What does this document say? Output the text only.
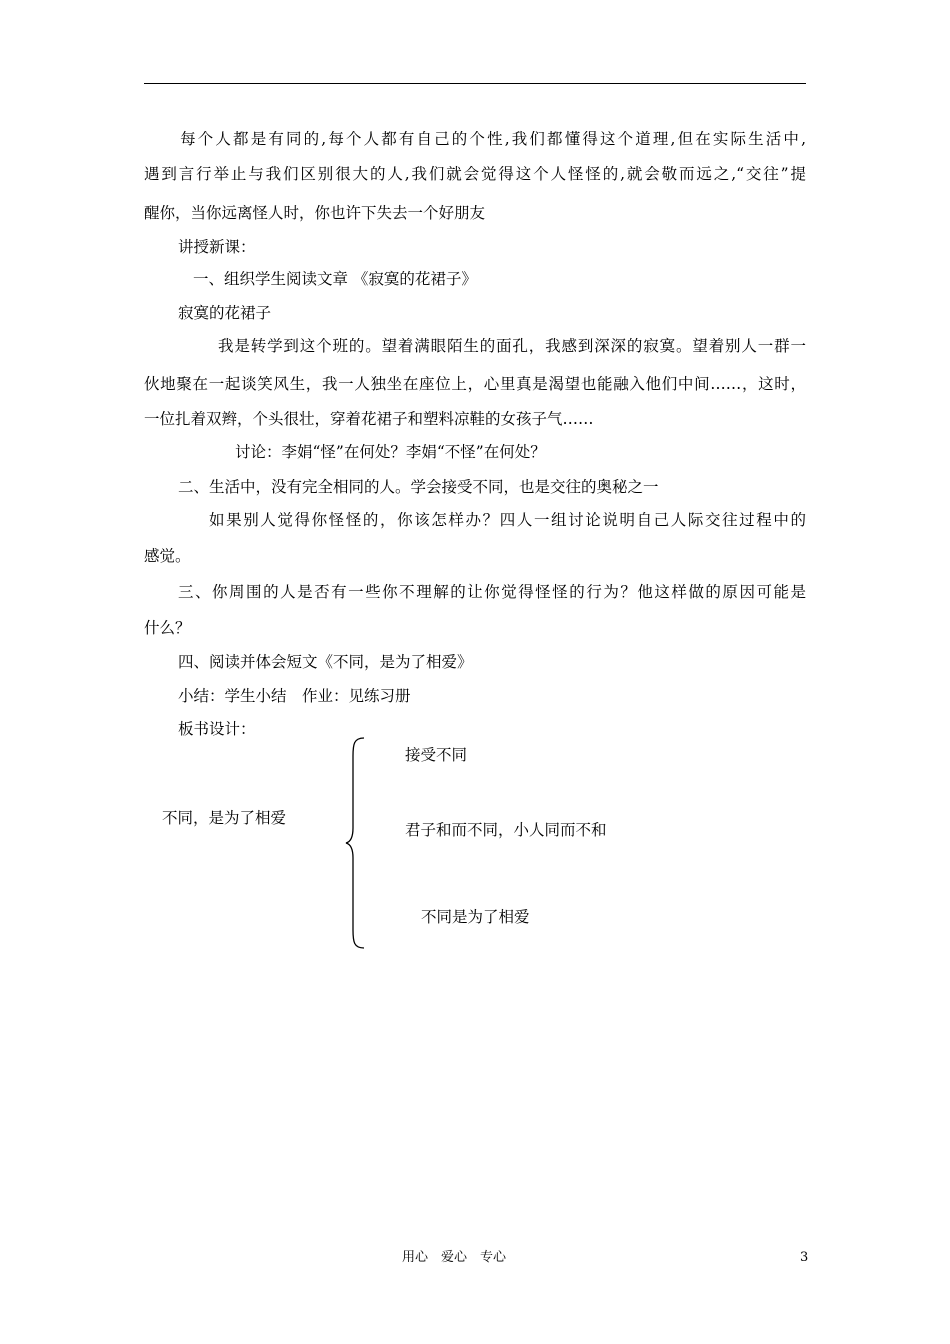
每个人都是有同的,每个人都有自己的个性,我们都懂得这个道理,但在实际生活中,
遇到言行举止与我们区别很大的人,我们就会觉得这个人怪怪的,就会敬而远之,“交往”提
醒你，当你远离怪人时，你也许下失去一个好朋友
讲授新课：
一、组织学生阅读文章 《寂寞的花裙子》
寂寞的花裙子
我是转学到这个班的。望着满眼陌生的面孔，我感到深深的寂寞。望着别人一群一
伙地聚在一起谈笑风生，我一人独坐在座位上，心里真是渴望也能融入他们中间……，这时，
一位扎着双辫，个头很壮，穿着花裙子和塑料凉鞋的女孩子气……
讨论：李娟“怪”在何处？李娟“不怪”在何处？
二、生活中，没有完全相同的人。学会接受不同，也是交往的奥秘之一
如果别人觉得你怪怪的，你该怎样办？四人一组讨论说明自己人际交往过程中的
感觉。
三、你周围的人是否有一些你不理解的让你觉得怪怪的行为？他这样做的原因可能是
什么？
四、阅读并体会短文《不同，是为了相爱》
小结：学生小结　作业：见练习册
板书设计：
不同，是为了相爱
接受不同
君子和而不同，小人同而不和
不同是为了相爱
用心　爱心　专心	3
